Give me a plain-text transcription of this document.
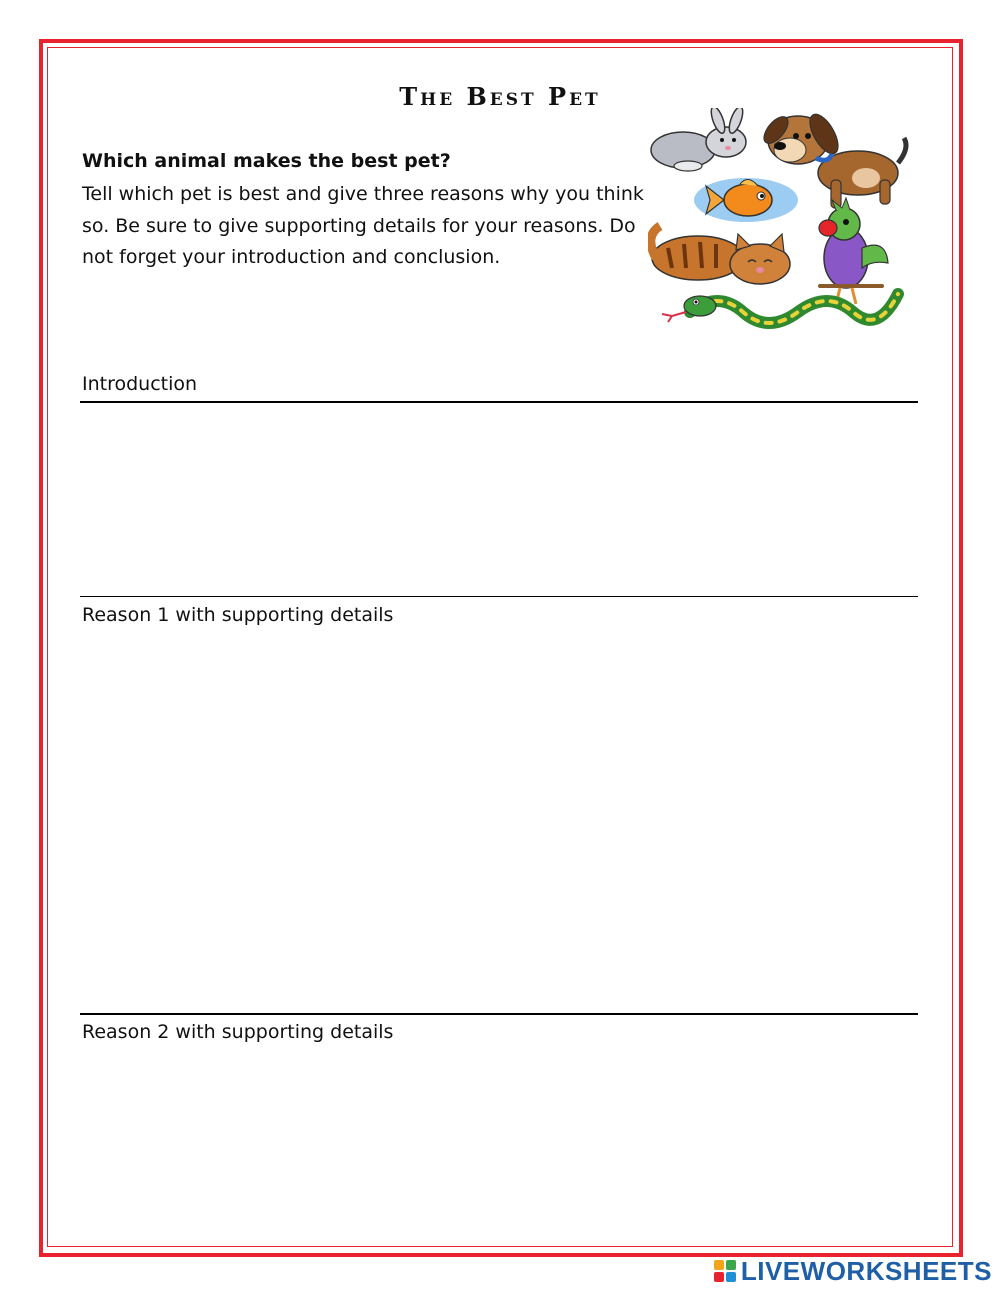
The Best Pet
Which animal makes the best pet?

Tell which pet is best and give three reasons why you think so. Be sure to give supporting details for your reasons. Do not forget your introduction and conclusion.

Introduction
Reason 1 with supporting details
Reason 2 with supporting details
LIVEWORKSHEETS
